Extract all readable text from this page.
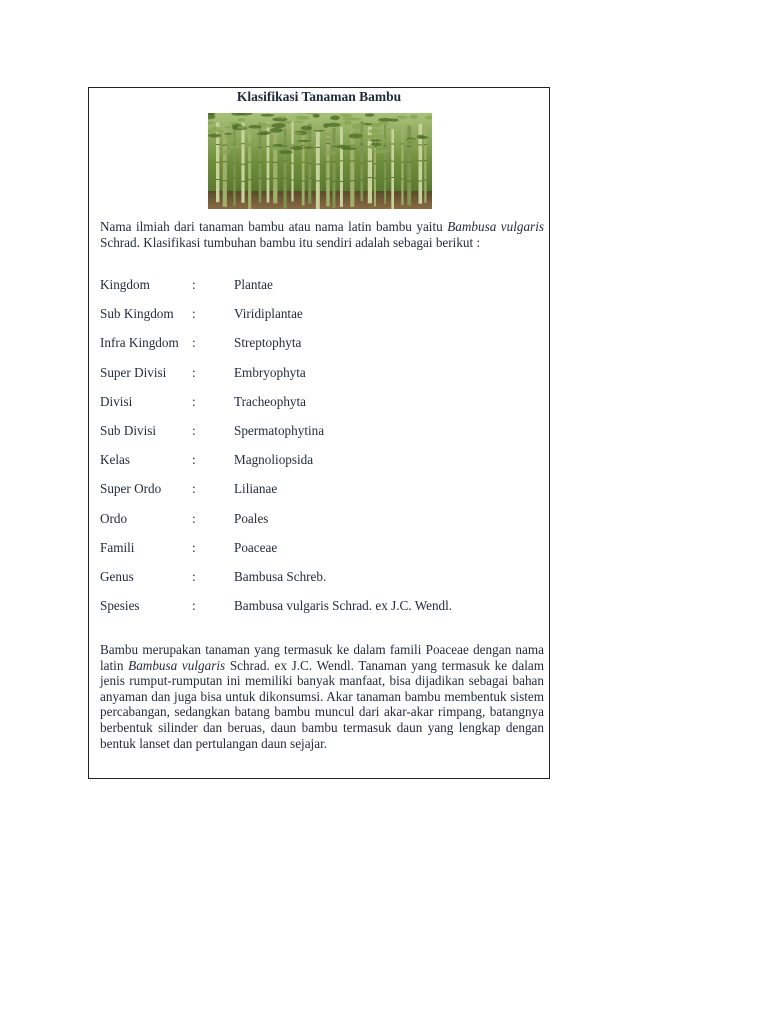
Klasifikasi Tanaman Bambu

Nama ilmiah dari tanaman bambu atau nama latin bambu yaitu Bambusa vulgaris Schrad. Klasifikasi tumbuhan bambu itu sendiri adalah sebagai berikut :

Kingdom	:	Plantae
Sub Kingdom	:	Viridiplantae
Infra Kingdom	:	Streptophyta
Super Divisi	:	Embryophyta
Divisi	:	Tracheophyta
Sub Divisi	:	Spermatophytina
Kelas	:	Magnoliopsida
Super Ordo	:	Lilianae
Ordo	:	Poales
Famili	:	Poaceae
Genus	:	Bambusa Schreb.
Spesies	:	Bambusa vulgaris Schrad. ex J.C. Wendl.

Bambu merupakan tanaman yang termasuk ke dalam famili Poaceae dengan nama latin Bambusa vulgaris Schrad. ex J.C. Wendl. Tanaman yang termasuk ke dalam jenis rumput-rumputan ini memiliki banyak manfaat, bisa dijadikan sebagai bahan anyaman dan juga bisa untuk dikonsumsi. Akar tanaman bambu membentuk sistem percabangan, sedangkan batang bambu muncul dari akar-akar rimpang, batangnya berbentuk silinder dan beruas, daun bambu termasuk daun yang lengkap dengan bentuk lanset dan pertulangan daun sejajar.
